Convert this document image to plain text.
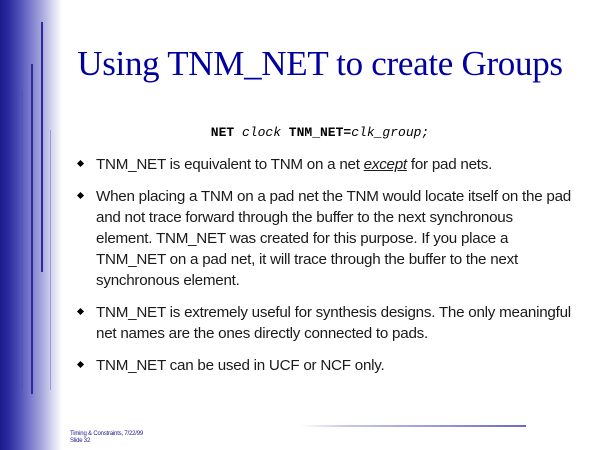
Using TNM_NET to create Groups
NET clock TNM_NET=clk_group;
TNM_NET is equivalent to TNM on a net except for pad nets.
When placing a TNM on a pad net the TNM would locate itself on the pad and not trace forward through the buffer to the next synchronous element. TNM_NET was created for this purpose. If you place a TNM_NET on a pad net, it will trace through the buffer to the next synchronous element.
TNM_NET is extremely useful for synthesis designs. The only meaningful net names are the ones directly connected to pads.
TNM_NET can be used in UCF or NCF only.
Timing & Constraints, 7/22/99
Slide 32
